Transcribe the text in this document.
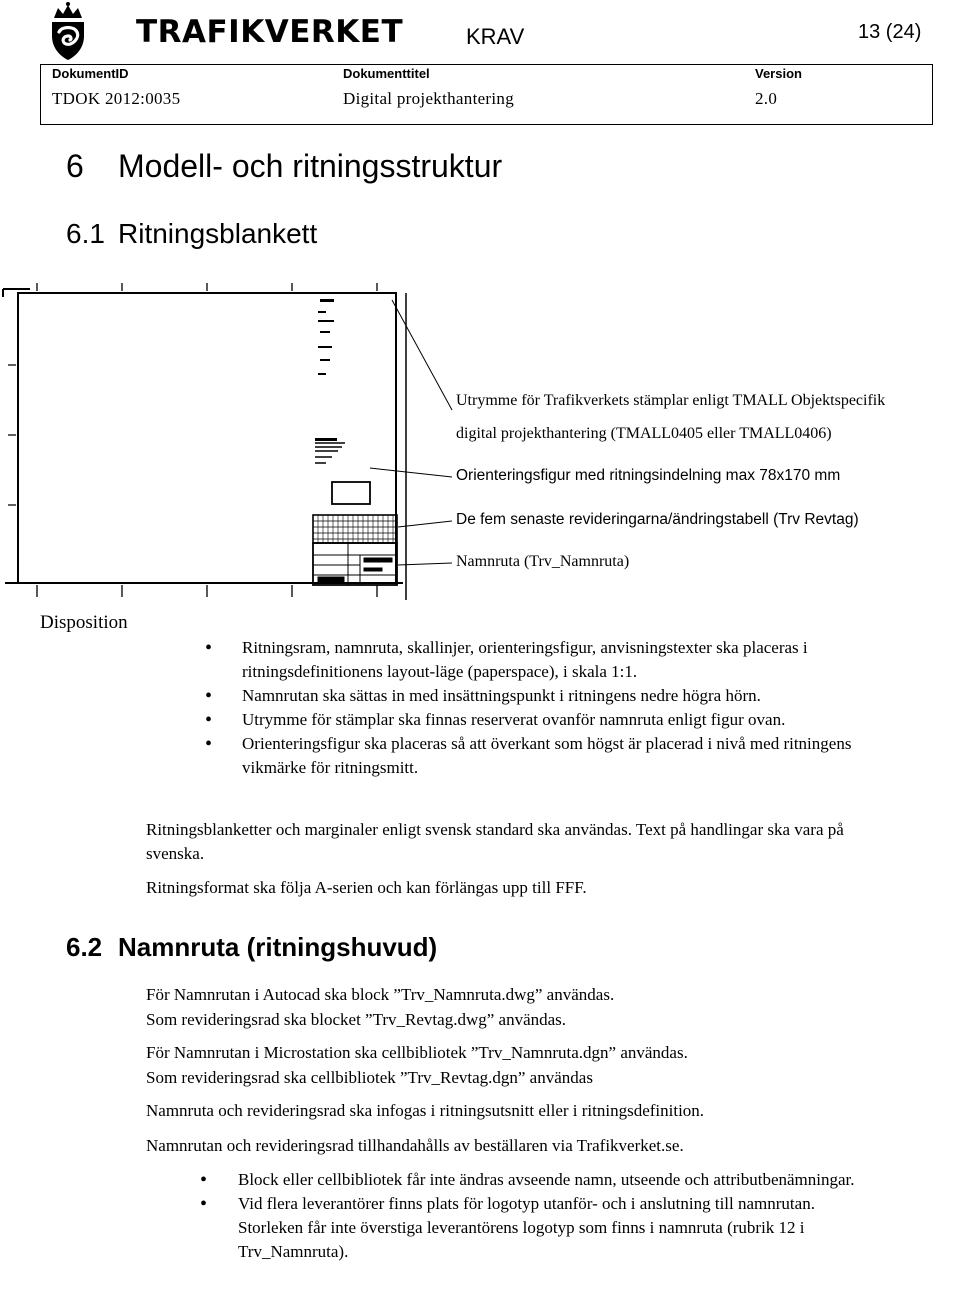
TRAFIKVERKET	KRAV	13 (24)
DokumentID
TDOK 2012:0035
Dokumenttitel
Digital projekthantering
Version
2.0
6 Modell- och ritningsstruktur
6.1 Ritningsblankett
Utrymme för Trafikverkets stämplar enligt TMALL Objektspecifik
digital projekthantering (TMALL0405 eller TMALL0406)
Orienteringsfigur med ritningsindelning max 78x170 mm
De fem senaste revideringarna/ändringstabell (Trv Revtag)
Namnruta (Trv_Namnruta)
Disposition
• Ritningsram, namnruta, skallinjer, orienteringsfigur, anvisningstexter ska placeras i ritningsdefinitionens layout-läge (paperspace), i skala 1:1.
• Namnrutan ska sättas in med insättningspunkt i ritningens nedre högra hörn.
• Utrymme för stämplar ska finnas reserverat ovanför namnruta enligt figur ovan.
• Orienteringsfigur ska placeras så att överkant som högst är placerad i nivå med ritningens vikmärke för ritningsmitt.
Ritningsblanketter och marginaler enligt svensk standard ska användas. Text på handlingar ska vara på svenska.
Ritningsformat ska följa A-serien och kan förlängas upp till FFF.
6.2 Namnruta (ritningshuvud)
För Namnrutan i Autocad ska block ”Trv_Namnruta.dwg” användas.
Som revideringsrad ska blocket ”Trv_Revtag.dwg” användas.
För Namnrutan i Microstation ska cellbibliotek ”Trv_Namnruta.dgn” användas.
Som revideringsrad ska cellbibliotek ”Trv_Revtag.dgn” användas
Namnruta och revideringsrad ska infogas i ritningsutsnitt eller i ritningsdefinition.
Namnrutan och revideringsrad tillhandahålls av beställaren via Trafikverket.se.
• Block eller cellbibliotek får inte ändras avseende namn, utseende och attributbenämningar.
• Vid flera leverantörer finns plats för logotyp utanför- och i anslutning till namnrutan. Storleken får inte överstiga leverantörens logotyp som finns i namnruta (rubrik 12 i Trv_Namnruta).
